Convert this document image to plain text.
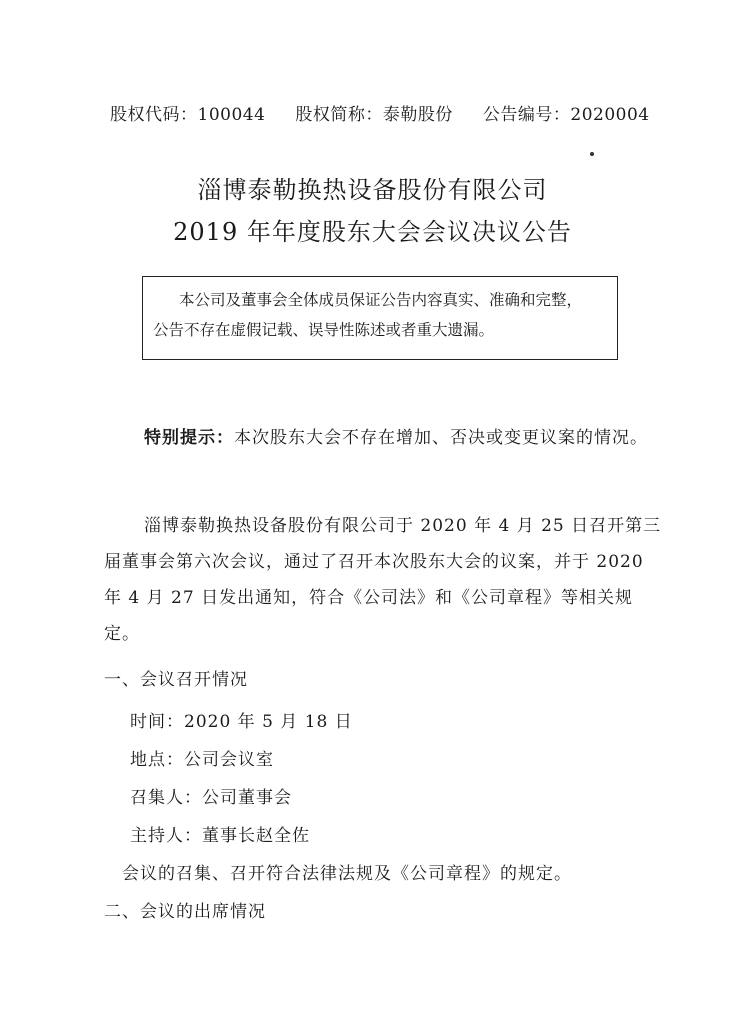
股权代码：100044 股权简称：泰勒股份 公告编号：2020004
淄博泰勒换热设备股份有限公司
2019 年年度股东大会会议决议公告
本公司及董事会全体成员保证公告内容真实、准确和完整，
公告不存在虚假记载、误导性陈述或者重大遗漏。
特别提示：本次股东大会不存在增加、否决或变更议案的情况。
淄博泰勒换热设备股份有限公司于 2020 年 4 月 25 日召开第三届董事会第六次会议，通过了召开本次股东大会的议案，并于 2020 年 4 月 27 日发出通知，符合《公司法》和《公司章程》等相关规定。
一、会议召开情况
时间：2020 年 5 月 18 日
地点：公司会议室
召集人：公司董事会
主持人：董事长赵全佐
会议的召集、召开符合法律法规及《公司章程》的规定。
二、会议的出席情况
